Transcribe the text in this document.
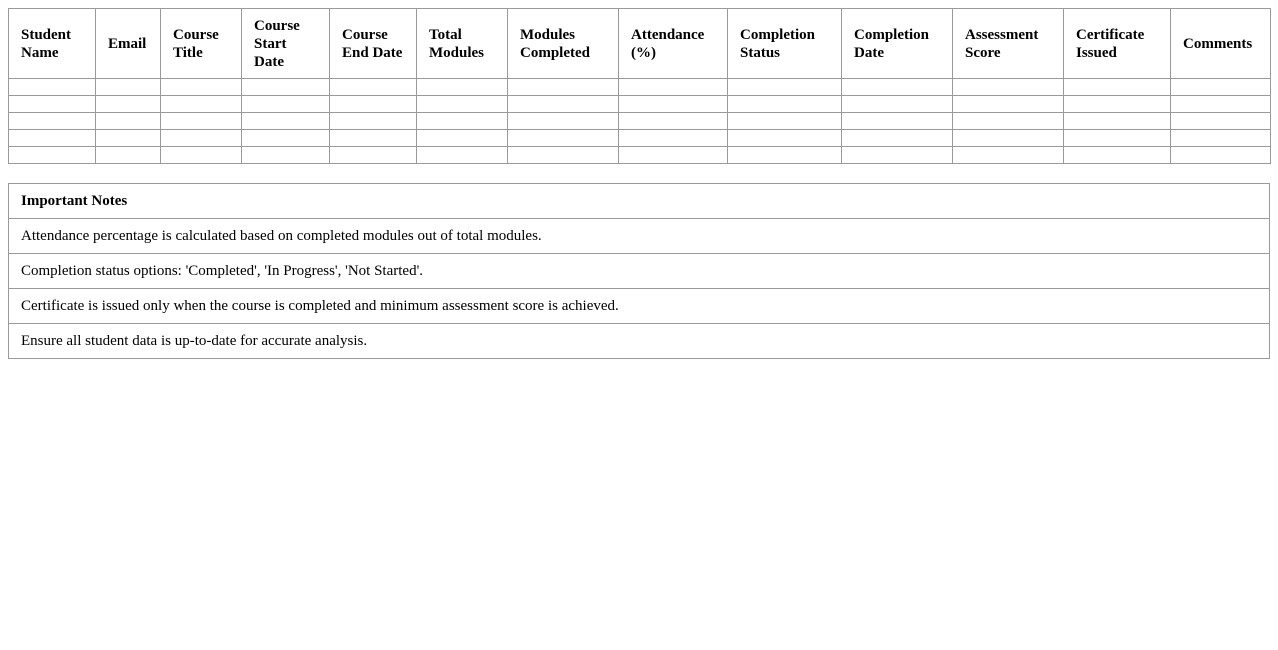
Student Name	Email	Course Title	Course Start Date	Course End Date	Total Modules	Modules Completed	Attendance (%)	Completion Status	Completion Date	Assessment Score	Certificate Issued	Comments

Important Notes
Attendance percentage is calculated based on completed modules out of total modules.
Completion status options: 'Completed', 'In Progress', 'Not Started'.
Certificate is issued only when the course is completed and minimum assessment score is achieved.
Ensure all student data is up-to-date for accurate analysis.
